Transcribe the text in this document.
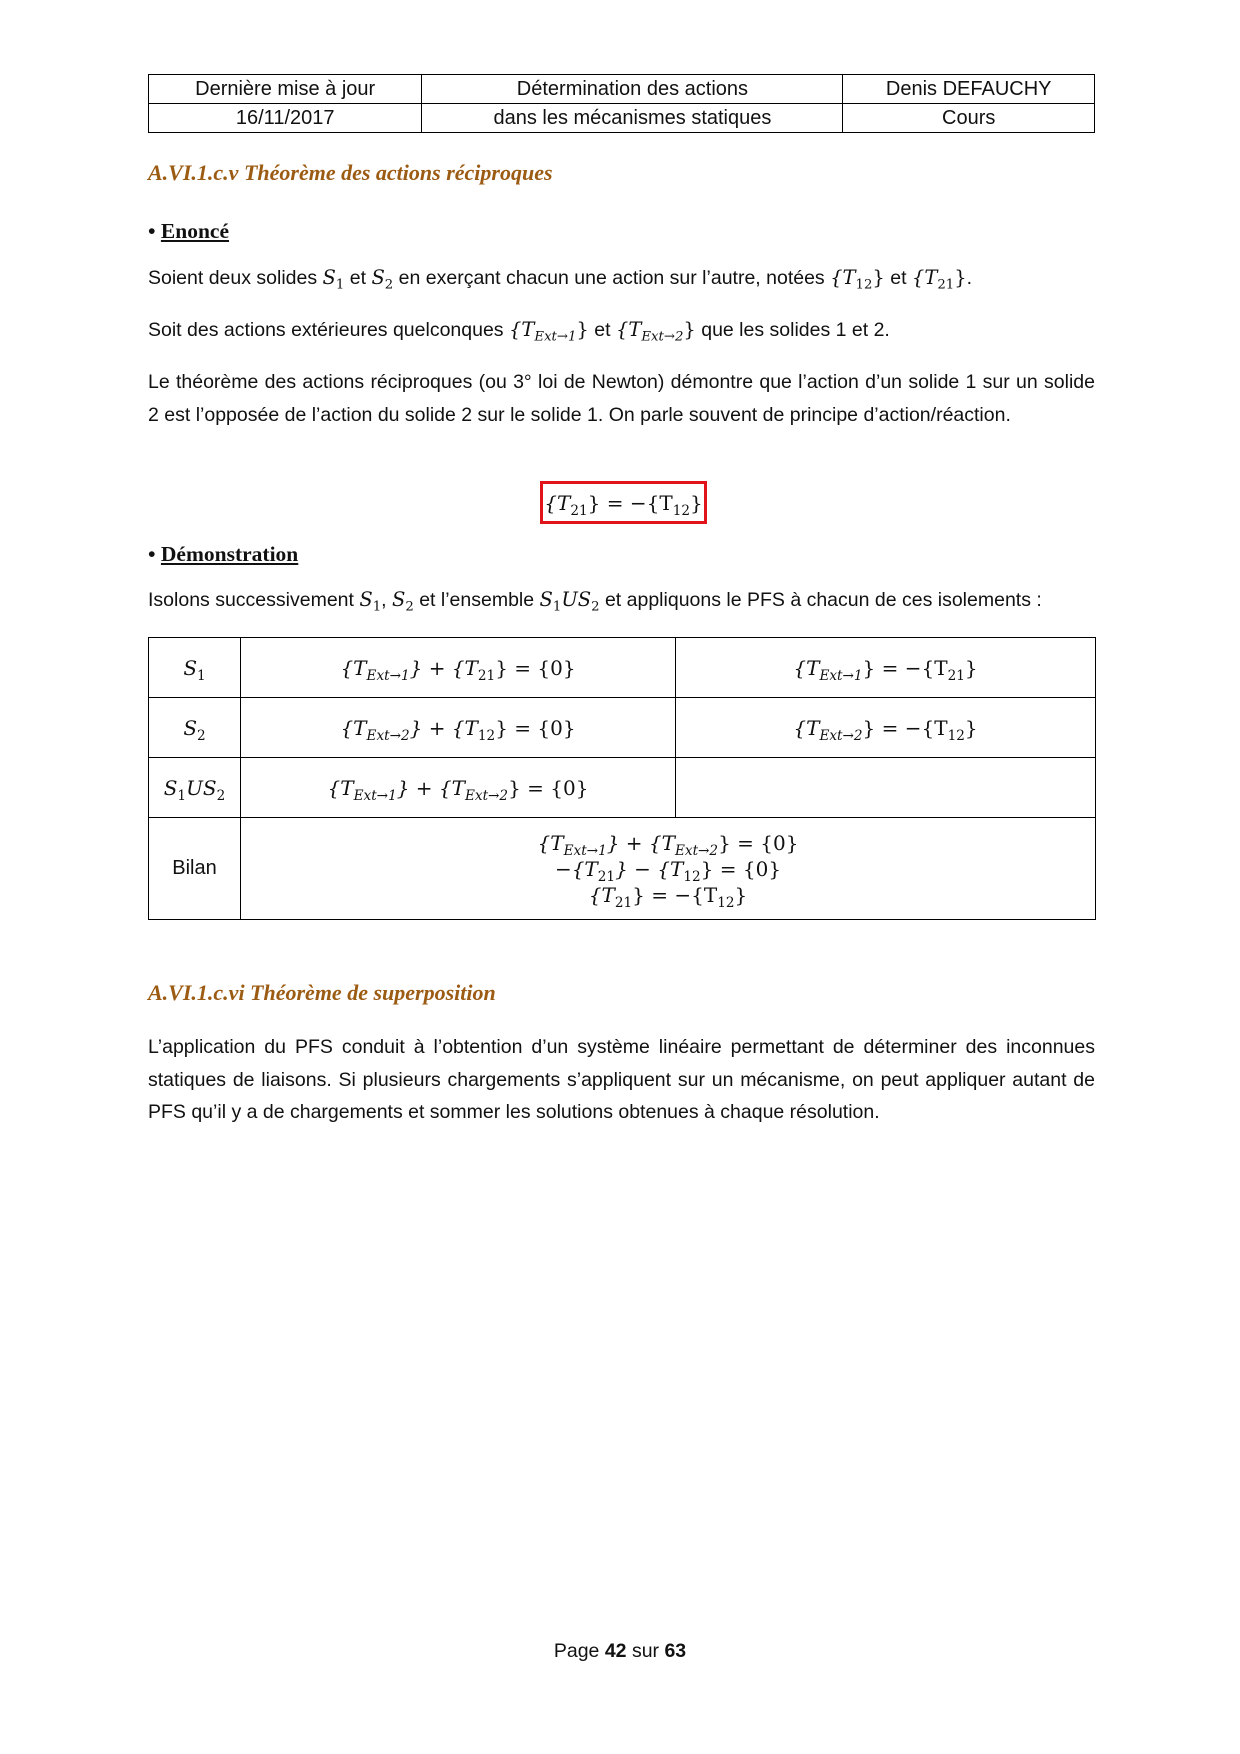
Dernière mise à jour	Détermination des actions	Denis DEFAUCHY
16/11/2017	dans les mécanismes statiques	Cours
A.VI.1.c.v Théorème des actions réciproques
• Enoncé
Soient deux solides $S_1$ et $S_2$ en exerçant chacun une action sur l’autre, notées $\{T_{12}\}$ et $\{T_{21}\}$.
Soit des actions extérieures quelconques $\{T_{Ext\to 1}\}$ et $\{T_{Ext\to 2}\}$ que les solides 1 et 2.
Le théorème des actions réciproques (ou 3° loi de Newton) démontre que l’action d’un solide 1 sur un solide 2 est l’opposée de l’action du solide 2 sur le solide 1. On parle souvent de principe d’action/réaction.
$\{T_{21}\} = -\{T_{12}\}$
• Démonstration
Isolons successivement $S_1$, $S_2$ et l’ensemble $S_1US_2$ et appliquons le PFS à chacun de ces isolements :
$S_1$	$\{T_{Ext\to 1}\} + \{T_{21}\} = \{0\}$	$\{T_{Ext\to 1}\} = -\{T_{21}\}$
$S_2$	$\{T_{Ext\to 2}\} + \{T_{12}\} = \{0\}$	$\{T_{Ext\to 2}\} = -\{T_{12}\}$
$S_1US_2$	$\{T_{Ext\to 1}\} + \{T_{Ext\to 2}\} = \{0\}$	
Bilan	$\{T_{Ext\to 1}\} + \{T_{Ext\to 2}\} = \{0\}$
$-\{T_{21}\} - \{T_{12}\} = \{0\}$
$\{T_{21}\} = -\{T_{12}\}$	
A.VI.1.c.vi Théorème de superposition
L’application du PFS conduit à l’obtention d’un système linéaire permettant de déterminer des inconnues statiques de liaisons. Si plusieurs chargements s’appliquent sur un mécanisme, on peut appliquer autant de PFS qu’il y a de chargements et sommer les solutions obtenues à chaque résolution.
Page 42 sur 63
